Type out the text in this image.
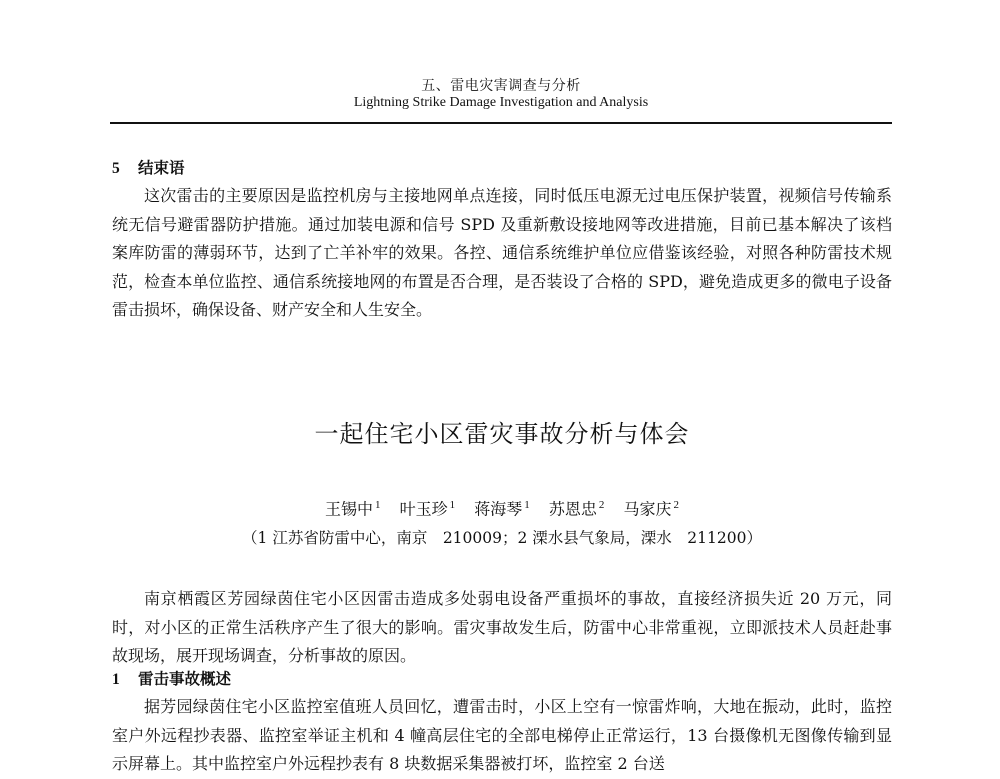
五、雷电灾害调查与分析
Lightning Strike Damage Investigation and Analysis
5 结束语

这次雷击的主要原因是监控机房与主接地网单点连接，同时低压电源无过电压保护装置，视频信号传输系统无信号避雷器防护措施。通过加装电源和信号 SPD 及重新敷设接地网等改进措施，目前已基本解决了该档案库防雷的薄弱环节，达到了亡羊补牢的效果。各控、通信系统维护单位应借鉴该经验，对照各种防雷技术规范，检查本单位监控、通信系统接地网的布置是否合理，是否装设了合格的 SPD，避免造成更多的微电子设备雷击损坏，确保设备、财产安全和人生安全。

一起住宅小区雷灾事故分析与体会
王锡中 $^1$ 叶玉珍 $^1$ 蒋海琴 $^1$ 苏恩忠 $^2$ 马家庆 $^2$
（1 江苏省防雷中心，南京　210009；2 溧水县气象局，溧水　211200）

南京栖霞区芳园绿茵住宅小区因雷击造成多处弱电设备严重损坏的事故，直接经济损失近 20 万元，同时，对小区的正常生活秩序产生了很大的影响。雷灾事故发生后，防雷中心非常重视，立即派技术人员赶赴事故现场，展开现场调查，分析事故的原因。

1 雷击事故概述

据芳园绿茵住宅小区监控室值班人员回忆，遭雷击时，小区上空有一惊雷炸响，大地在振动，此时，监控室户外远程抄表器、监控室举证主机和 4 幢高层住宅的全部电梯停止正常运行，13 台摄像机无图像传输到显示屏幕上。其中监控室户外远程抄表有 8 块数据采集器被打坏，监控室 2 台送
